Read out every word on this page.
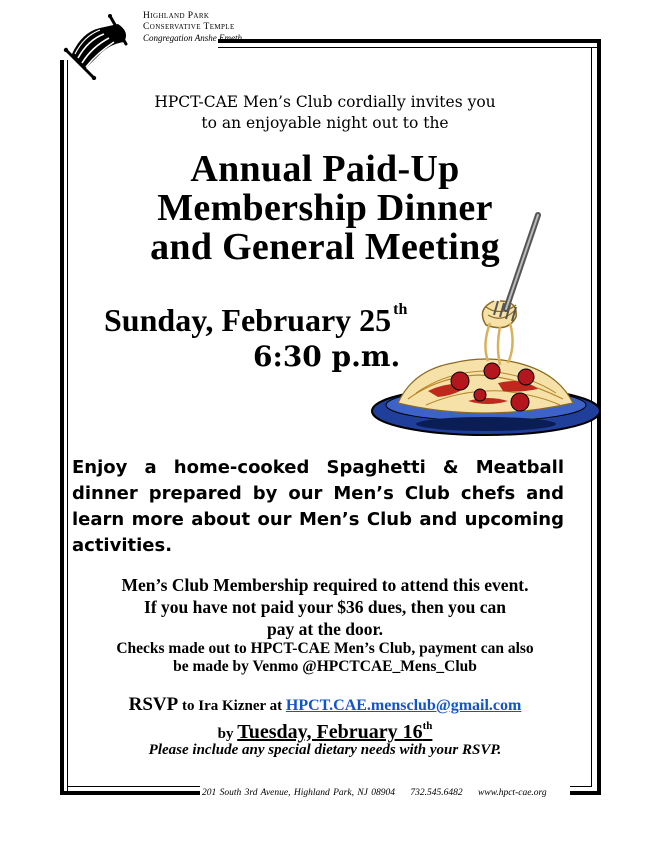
Highland Park
Conservative Temple
Congregation Anshe Emeth
HPCT-CAE Men’s Club cordially invites you
to an enjoyable night out to the
Annual Paid-Up
Membership Dinner
and General Meeting
Sunday, February 25 $^{th}$
6:30 p.m.
Enjoy a home-cooked Spaghetti & Meatball dinner prepared by our Men’s Club chefs and learn more about our Men’s Club and upcoming activities.
Men’s Club Membership required to attend this event.
If you have not paid your $36 dues, then you can
pay at the door.
Checks made out to HPCT-CAE Men’s Club, payment can also
be made by Venmo @HPCTCAE_Mens_Club
RSVP to Ira Kizner at HPCT.CAE.mensclub@gmail.com
by Tuesday, February 16th
Please include any special dietary needs with your RSVP.
201 South 3rd Avenue, Highland Park, NJ 08904 732.545.6482 www.hpct-cae.org
